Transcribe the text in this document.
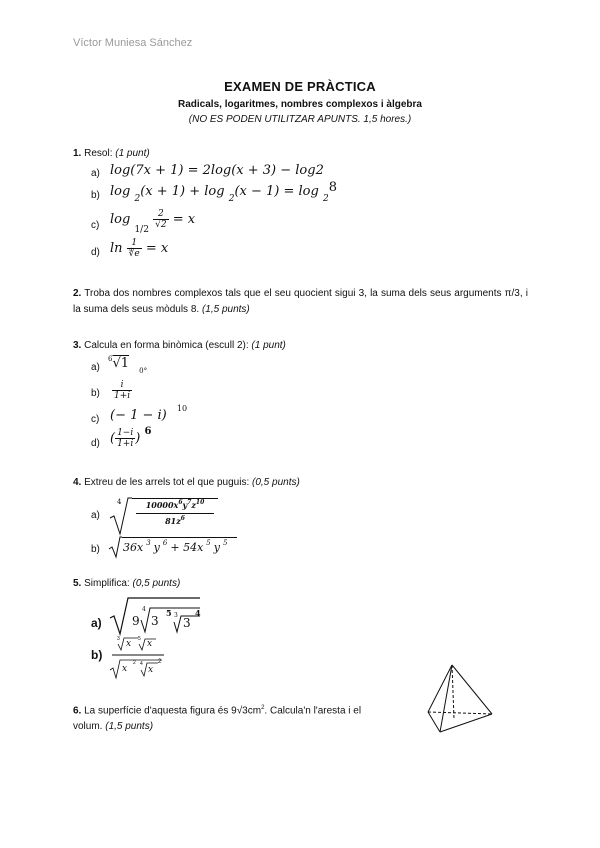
Víctor Muniesa Sánchez
EXAMEN DE PRÀCTICA
Radicals, logaritmes, nombres complexos i àlgebra
(NO ES PODEN UTILITZAR APUNTS. 1,5 hores.)
1. Resol: (1 punt)
a) log(7x + 1) = 2log(x + 3) − log2
b) log $_2$(x + 1) + log $_2$(x − 1) = log $_2$8
c) $\log _{1/2} \frac{2}{√2} = x$
d) $\ln \frac{1}{∜e} = x$
2. Troba dos nombres complexos tals que el seu quocient sigui 3, la suma dels seus arguments π/3, i la suma dels seus mòduls 8. (1,5 punts)
3. Calcula en forma binòmica (escull 2): (1 punt)
a)
$^6$√1 $_{0^\circ}$
$b) \frac{i}{1+i}$
c) (− 1 − i) $^{10}$
d) ( $\frac{1-i}{1+i}$ ) $^6$
4. Extreu de les arrels tot el que puguis: (0,5 punts)
a)
4	$10000x^6y^7z^{10}$
$81z^6$
b) 36x $^3$ y $^6$ + 54x $^5$ y $^5$
5. Simplifica: (0,5 punts)
a)	9
4
3
5 3
3
4
b)
3 x 5 x
x
2 4
x
2
6. La superfície d'aquesta figura és $9√3cm^2$. Calcula'n l'aresta i el
volum. (1,5 punts)
